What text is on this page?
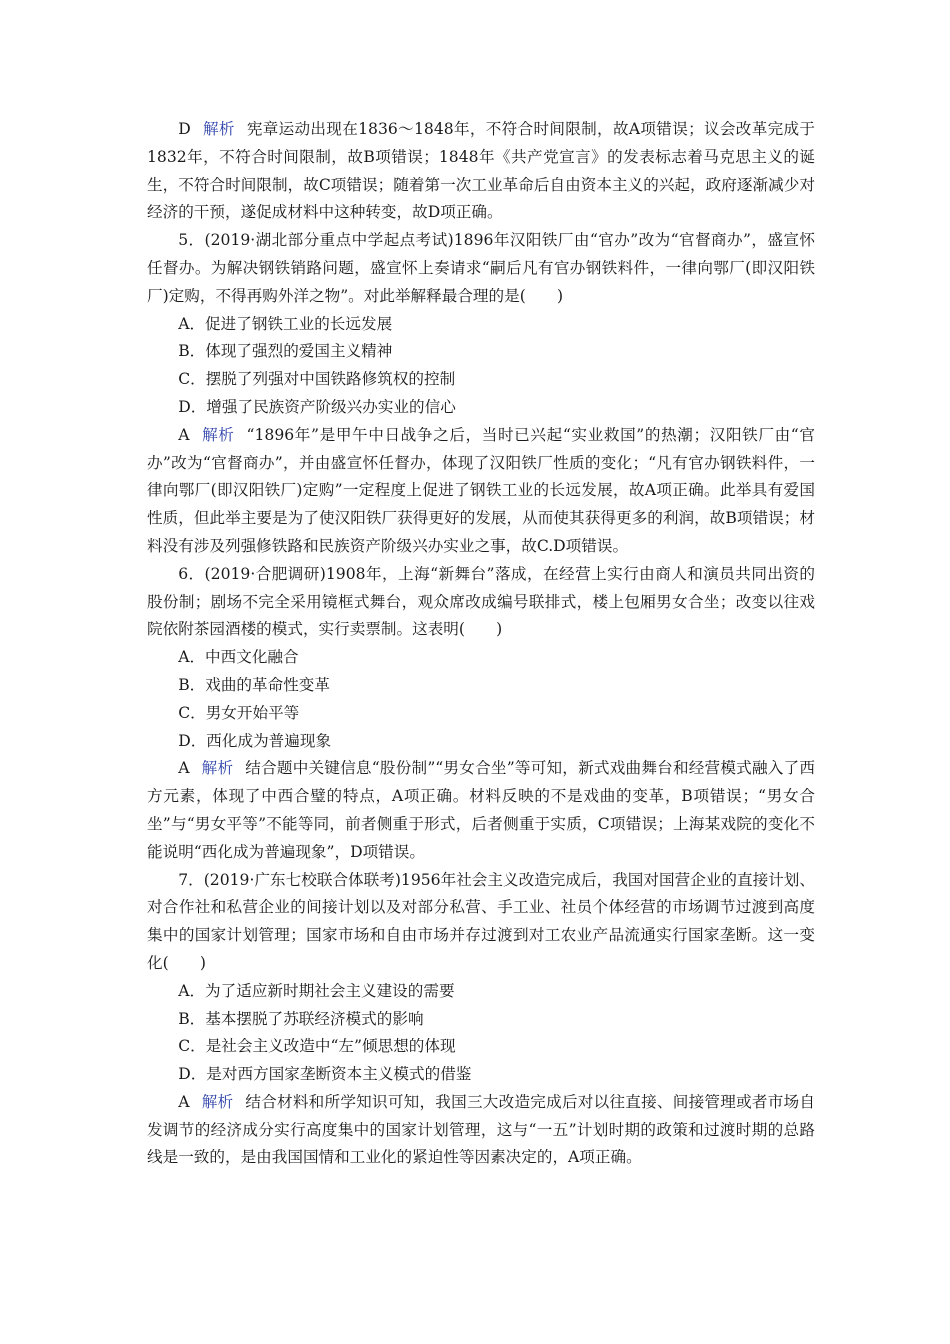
D 解析 宪章运动出现在1836～1848年，不符合时间限制，故A项错误；议会改革完成于1832年，不符合时间限制，故B项错误；1848年《共产党宣言》的发表标志着马克思主义的诞生，不符合时间限制，故C项错误；随着第一次工业革命后自由资本主义的兴起，政府逐渐减少对经济的干预，遂促成材料中这种转变，故D项正确。

5．(2019·湖北部分重点中学起点考试)1896年汉阳铁厂由“官办”改为“官督商办”，盛宣怀任督办。为解决钢铁销路问题，盛宣怀上奏请求“嗣后凡有官办钢铁料件，一律向鄂厂(即汉阳铁厂)定购，不得再购外洋之物”。对此举解释最合理的是(　　)

A．促进了钢铁工业的长远发展

B．体现了强烈的爱国主义精神

C．摆脱了列强对中国铁路修筑权的控制

D．增强了民族资产阶级兴办实业的信心

A 解析 “1896年”是甲午中日战争之后，当时已兴起“实业救国”的热潮；汉阳铁厂由“官办”改为“官督商办”，并由盛宣怀任督办，体现了汉阳铁厂性质的变化；“凡有官办钢铁料件，一律向鄂厂(即汉阳铁厂)定购”一定程度上促进了钢铁工业的长远发展，故A项正确。此举具有爱国性质，但此举主要是为了使汉阳铁厂获得更好的发展，从而使其获得更多的利润，故B项错误；材料没有涉及列强修铁路和民族资产阶级兴办实业之事，故C.D项错误。

6．(2019·合肥调研)1908年，上海“新舞台”落成，在经营上实行由商人和演员共同出资的股份制；剧场不完全采用镜框式舞台，观众席改成编号联排式，楼上包厢男女合坐；改变以往戏院依附茶园酒楼的模式，实行卖票制。这表明(　　)

A．中西文化融合

B．戏曲的革命性变革

C．男女开始平等

D．西化成为普遍现象

A 解析 结合题中关键信息“股份制”“男女合坐”等可知，新式戏曲舞台和经营模式融入了西方元素，体现了中西合璧的特点，A项正确。材料反映的不是戏曲的变革，B项错误；“男女合坐”与“男女平等”不能等同，前者侧重于形式，后者侧重于实质，C项错误；上海某戏院的变化不能说明“西化成为普遍现象”，D项错误。

7．(2019·广东七校联合体联考)1956年社会主义改造完成后，我国对国营企业的直接计划、对合作社和私营企业的间接计划以及对部分私营、手工业、社员个体经营的市场调节过渡到高度集中的国家计划管理；国家市场和自由市场并存过渡到对工农业产品流通实行国家垄断。这一变化(　　)

A．为了适应新时期社会主义建设的需要

B．基本摆脱了苏联经济模式的影响

C．是社会主义改造中“左”倾思想的体现

D．是对西方国家垄断资本主义模式的借鉴

A 解析 结合材料和所学知识可知，我国三大改造完成后对以往直接、间接管理或者市场自发调节的经济成分实行高度集中的国家计划管理，这与“一五”计划时期的政策和过渡时期的总路线是一致的，是由我国国情和工业化的紧迫性等因素决定的，A项正确。
